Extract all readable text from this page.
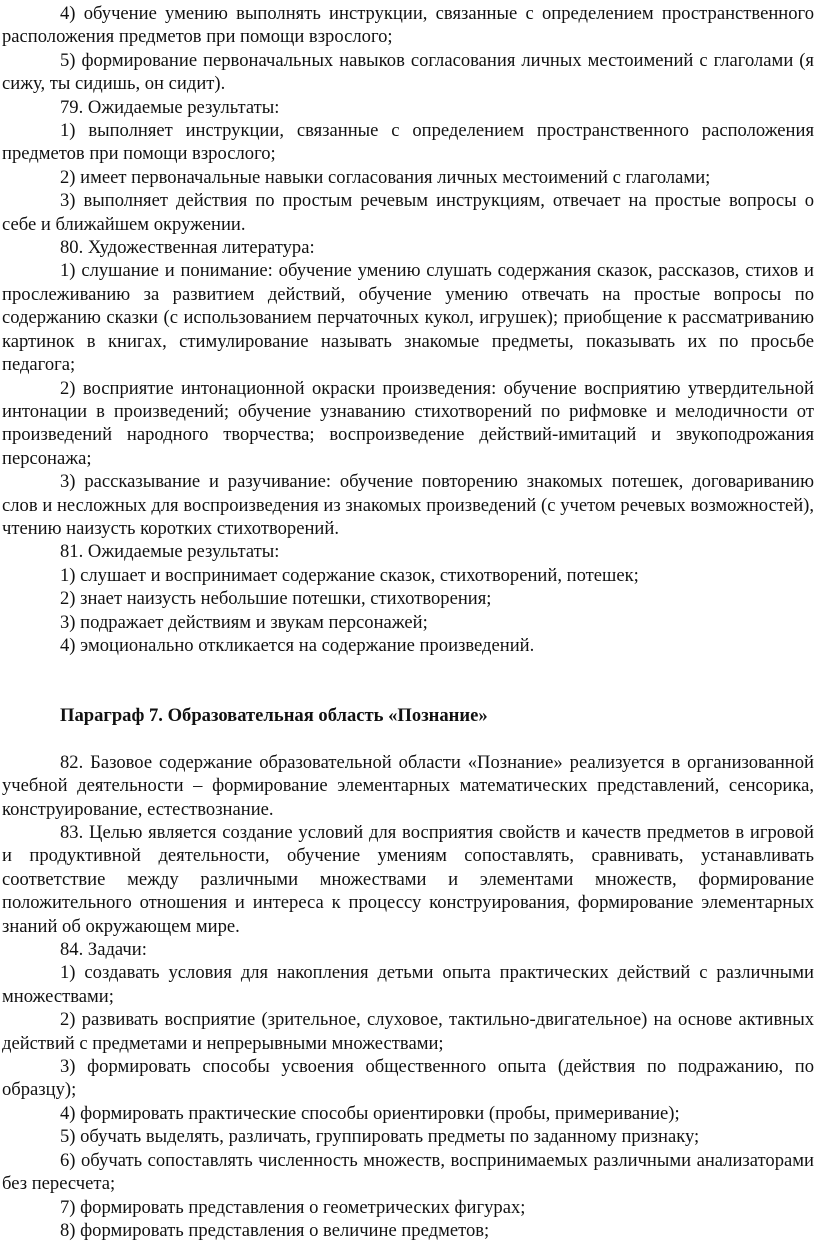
4) обучение умению выполнять инструкции, связанные с определением пространственного расположения предметов при помощи взрослого;

5) формирование первоначальных навыков согласования личных местоимений с глаголами (я сижу, ты сидишь, он сидит).

79. Ожидаемые результаты:

1) выполняет инструкции, связанные с определением пространственного расположения предметов при помощи взрослого;

2) имеет первоначальные навыки согласования личных местоимений с глаголами;

3) выполняет действия по простым речевым инструкциям, отвечает на простые вопросы о себе и ближайшем окружении.

80. Художественная литература:

1) слушание и понимание: обучение умению слушать содержания сказок, рассказов, стихов и прослеживанию за развитием действий, обучение умению отвечать на простые вопросы по содержанию сказки (с использованием перчаточных кукол, игрушек); приобщение к рассматриванию картинок в книгах, стимулирование называть знакомые предметы, показывать их по просьбе педагога;

2) восприятие интонационной окраски произведения: обучение восприятию утвердительной интонации в произведений; обучение узнаванию стихотворений по рифмовке и мелодичности от произведений народного творчества; воспроизведение действий-имитаций и звукоподрожания персонажа;

3) рассказывание и разучивание: обучение повторению знакомых потешек, договариванию слов и несложных для воспроизведения из знакомых произведений (с учетом речевых возможностей), чтению наизусть коротких стихотворений.

81. Ожидаемые результаты:

1) слушает и воспринимает содержание сказок, стихотворений, потешек;

2) знает наизусть небольшие потешки, стихотворения;

3) подражает действиям и звукам персонажей;

4) эмоционально откликается на содержание произведений.

Параграф 7. Образовательная область «Познание»

82. Базовое содержание образовательной области «Познание» реализуется в организованной учебной деятельности – формирование элементарных математических представлений, сенсорика, конструирование, естествознание.

83. Целью является создание условий для восприятия свойств и качеств предметов в игровой и продуктивной деятельности, обучение умениям сопоставлять, сравнивать, устанавливать соответствие между различными множествами и элементами множеств, формирование положительного отношения и интереса к процессу конструирования, формирование элементарных знаний об окружающем мире.

84. Задачи:

1) создавать условия для накопления детьми опыта практических действий с различными множествами;

2) развивать восприятие (зрительное, слуховое, тактильно-двигательное) на основе активных действий с предметами и непрерывными множествами;

3) формировать способы усвоения общественного опыта (действия по подражанию, по образцу);

4) формировать практические способы ориентировки (пробы, примеривание);

5) обучать выделять, различать, группировать предметы по заданному признаку;

6) обучать сопоставлять численность множеств, воспринимаемых различными анализаторами без пересчета;

7) формировать представления о геометрических фигурах;

8) формировать представления о величине предметов;
